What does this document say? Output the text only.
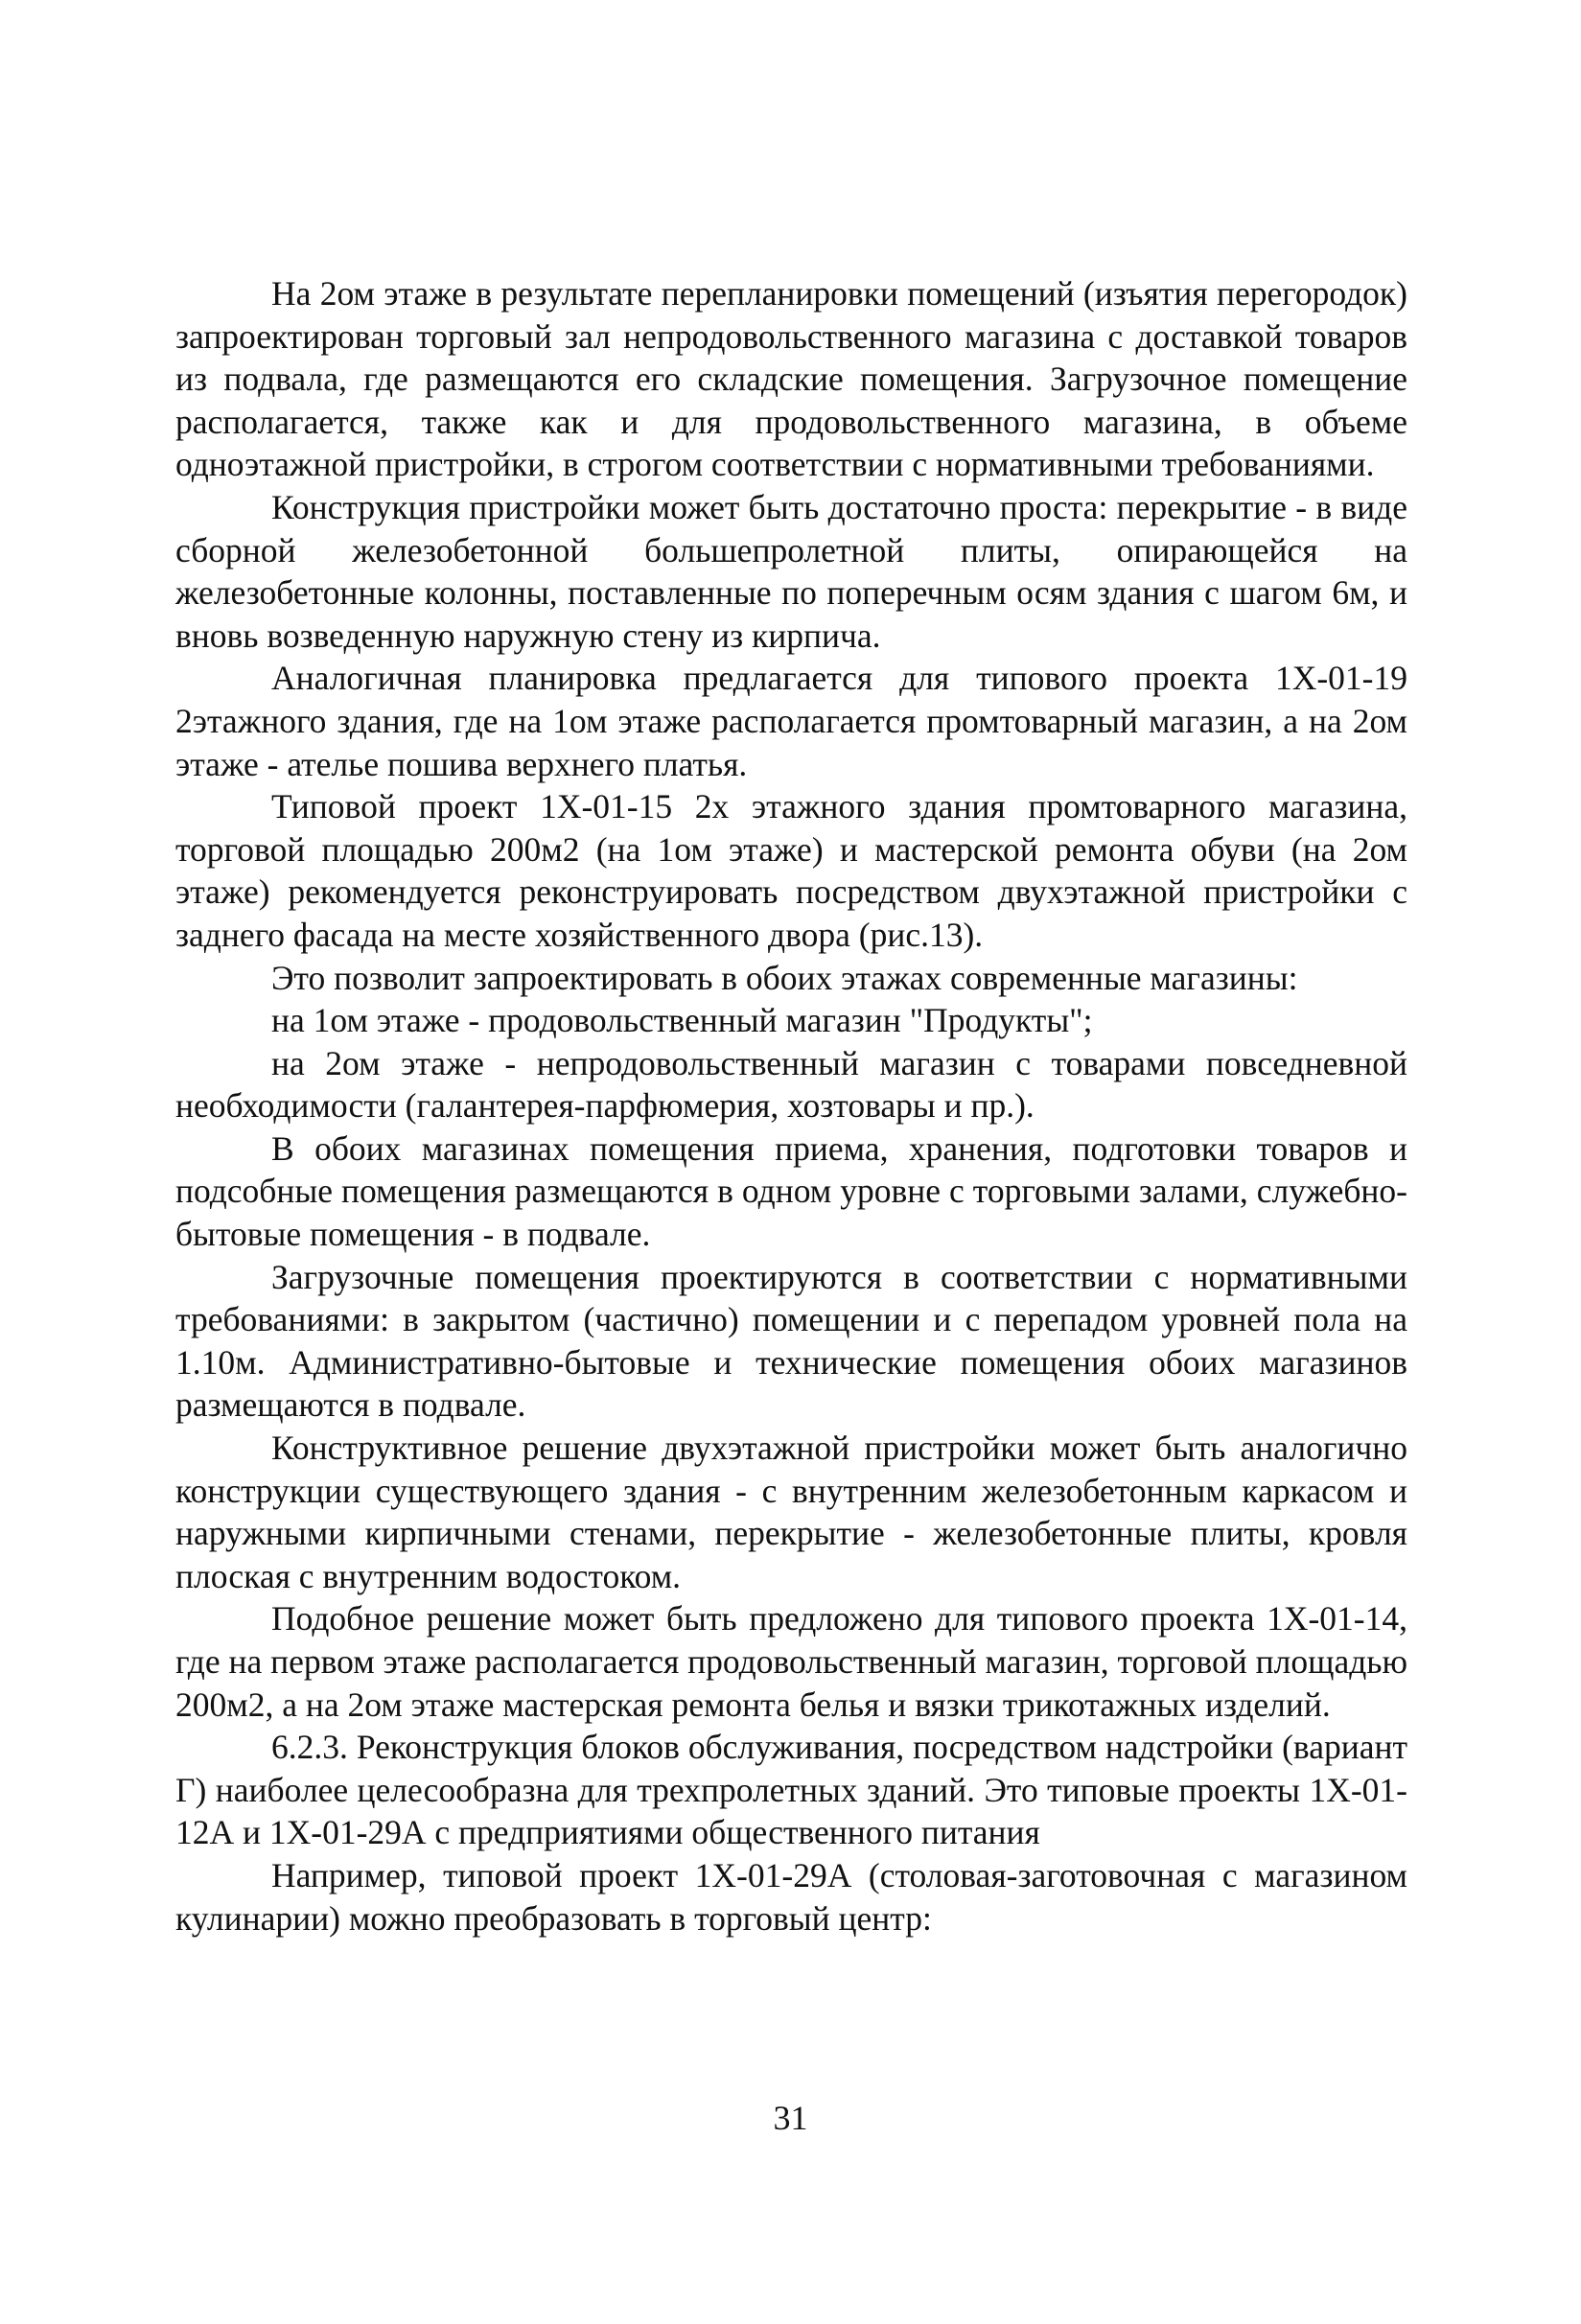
На 2ом этаже в результате перепланировки помещений (изъятия перегородок) запроектирован торговый зал непродовольственного магазина с доставкой товаров из подвала, где размещаются его складские помещения. Загрузочное помещение располагается, также как и для продовольственного магазина, в объеме одноэтажной пристройки, в строгом соответствии с нормативными требованиями.

Конструкция пристройки может быть достаточно проста: перекрытие - в виде сборной железобетонной большепролетной плиты, опирающейся на железобетонные колонны, поставленные по поперечным осям здания с шагом 6м, и вновь возведенную наружную стену из кирпича.

Аналогичная планировка предлагается для типового проекта 1Х-01-19 2этажного здания, где на 1ом этаже располагается промтоварный магазин, а на 2ом этаже - ателье пошива верхнего платья.

Типовой проект 1Х-01-15 2х этажного здания промтоварного магазина, торговой площадью 200м2 (на 1ом этаже) и мастерской ремонта обуви (на 2ом этаже) рекомендуется реконструировать посредством двухэтажной пристройки с заднего фасада на месте хозяйственного двора (рис.13).

Это позволит запроектировать в обоих этажах современные магазины:

на 1ом этаже - продовольственный магазин "Продукты";

на 2ом этаже - непродовольственный магазин с товарами повседневной необходимости (галантерея-парфюмерия, хозтовары и пр.).

В обоих магазинах помещения приема, хранения, подготовки товаров и подсобные помещения размещаются в одном уровне с торговыми залами, служебно-бытовые помещения - в подвале.

Загрузочные помещения проектируются в соответствии с нормативными требованиями: в закрытом (частично) помещении и с перепадом уровней пола на 1.10м. Административно-бытовые и технические помещения обоих магазинов размещаются в подвале.

Конструктивное решение двухэтажной пристройки может быть аналогично конструкции существующего здания - с внутренним железобетонным каркасом и наружными кирпичными стенами, перекрытие - железобетонные плиты, кровля плоская с внутренним водостоком.

Подобное решение может быть предложено для типового проекта 1Х-01-14, где на первом этаже располагается продовольственный магазин, торговой площадью 200м2, а на 2ом этаже мастерская ремонта белья и вязки трикотажных изделий.

6.2.3. Реконструкция блоков обслуживания, посредством надстройки (вариант Г) наиболее целесообразна для трехпролетных зданий. Это типовые проекты 1Х-01-12А и 1Х-01-29А с предприятиями общественного питания

Например, типовой проект 1Х-01-29А (столовая-заготовочная с магазином кулинарии) можно преобразовать в торговый центр:

31
